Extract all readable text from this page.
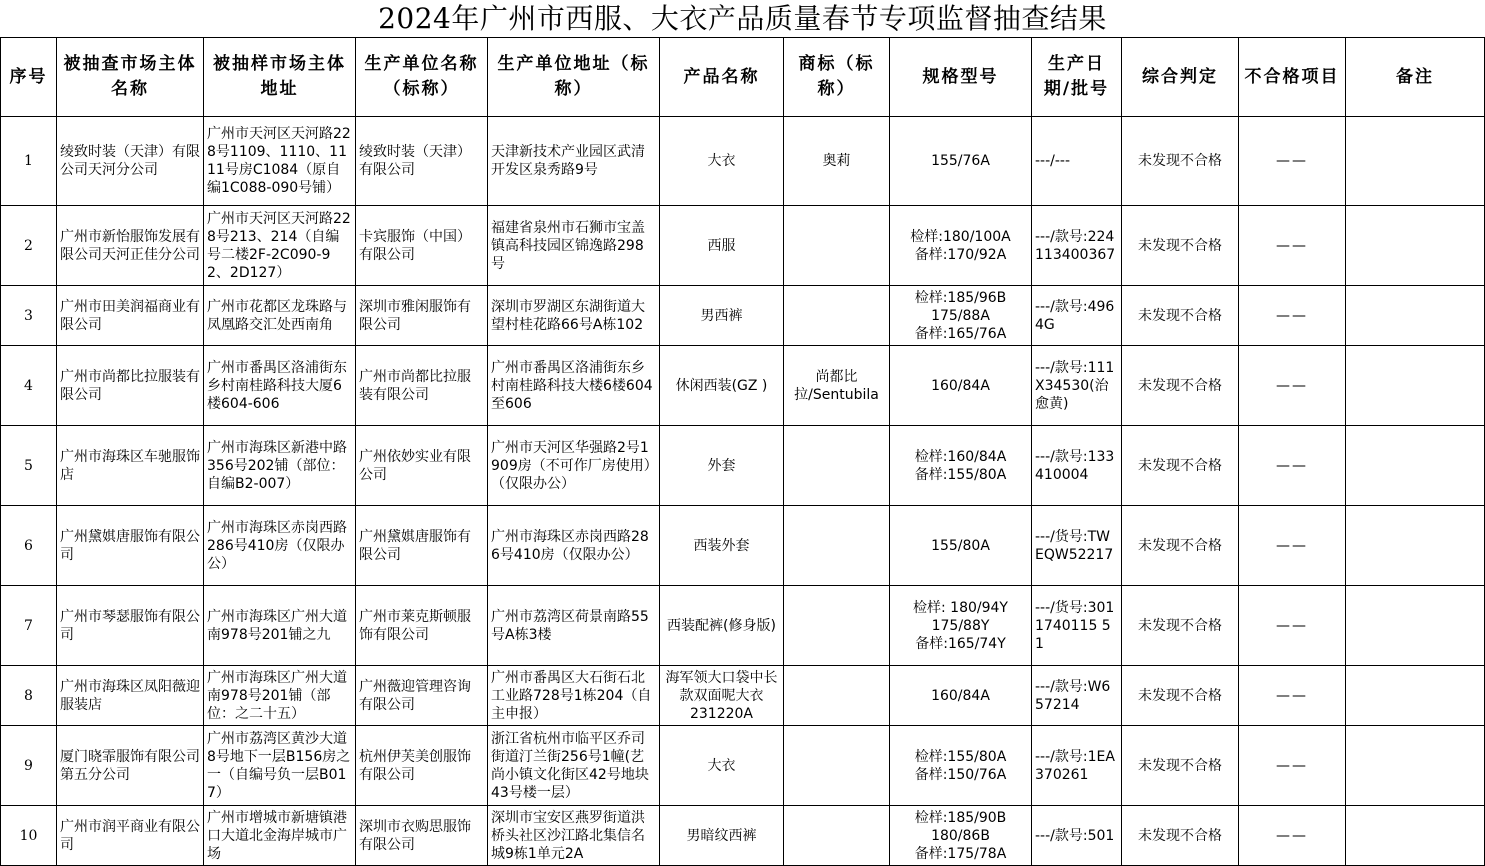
2024年广州市西服、大衣产品质量春节专项监督抽查结果
序号	被抽查市场主体名称	被抽样市场主体地址	生产单位名称（标称）	生产单位地址（标称）	产品名称	商标（标称）	规格型号	生产日期/批号	综合判定	不合格项目	备注
1	绫致时装（天津）有限公司天河分公司	广州市天河区天河路228号1109、1110、1111号房C1084（原自编1C088-090号铺）	绫致时装（天津）有限公司	天津新技术产业园区武清开发区泉秀路9号	大衣	奥莉	155/76A	---/---	未发现不合格	——	
2	广州市新怡服饰发展有限公司天河正佳分公司	广州市天河区天河路228号213、214（自编号二楼2F-2C090-92、2D127）	卡宾服饰（中国）有限公司	福建省泉州市石狮市宝盖镇高科技园区锦逸路298号	西服		检样:180/100A
备样:170/92A	---/款号:224113400367	未发现不合格	——	
3	广州市田美润福商业有限公司	广州市花都区龙珠路与凤凰路交汇处西南角	深圳市雅闲服饰有限公司	深圳市罗湖区东湖街道大望村桂花路66号A栋102	男西裤		检样:185/96B
175/88A
备样:165/76A	---/款号:4964G	未发现不合格	——	
4	广州市尚都比拉服装有限公司	广州市番禺区洛浦街东乡村南桂路科技大厦6楼604-606	广州市尚都比拉服装有限公司	广州市番禺区洛浦街东乡村南桂路科技大楼6楼604至606	休闲西装(GZ )	尚都比拉/Sentubila	160/84A	---/款号:111X34530(治愈黄)	未发现不合格	——	
5	广州市海珠区车驰服饰店	广州市海珠区新港中路356号202铺（部位：自编B2-007）	广州依妙实业有限公司	广州市天河区华强路2号1909房（不可作厂房使用）（仅限办公）	外套		检样:160/84A
备样:155/80A	---/款号:133410004	未发现不合格	——	
6	广州黛娸唐服饰有限公司	广州市海珠区赤岗西路286号410房（仅限办公）	广州黛娸唐服饰有限公司	广州市海珠区赤岗西路286号410房（仅限办公）	西装外套		155/80A	---/货号:TWEQW52217	未发现不合格	——	
7	广州市琴瑟服饰有限公司	广州市海珠区广州大道南978号201铺之九	广州市莱克斯顿服饰有限公司	广州市荔湾区荷景南路55号A栋3楼	西装配裤(修身版)		检样: 180/94Y
175/88Y
备样:165/74Y	---/货号:3011740115 51	未发现不合格	——	
8	广州市海珠区凤阳薇迎服装店	广州市海珠区广州大道南978号201铺（部位：之二十五）	广州薇迎管理咨询有限公司	广州市番禺区大石街石北工业路728号1栋204（自主申报）	海军领大口袋中长款双面呢大衣231220A		160/84A	---/款号:W657214	未发现不合格	——	
9	厦门晓霏服饰有限公司第五分公司	广州市荔湾区黄沙大道8号地下一层B156房之一（自编号负一层B017）	杭州伊芙美创服饰有限公司	浙江省杭州市临平区乔司街道汀兰街256号1幢(艺尚小镇文化街区42号地块43号楼一层）	大衣		检样:155/80A
备样:150/76A	---/款号:1EA370261	未发现不合格	——	
10	广州市润平商业有限公司	广州市增城市新塘镇港口大道北金海岸城市广场	深圳市衣购思服饰有限公司	深圳市宝安区燕罗街道洪桥头社区沙江路北集信名城9栋1单元2A	男暗纹西裤		检样:185/90B
180/86B
备样:175/78A	---/款号:501	未发现不合格	——	
